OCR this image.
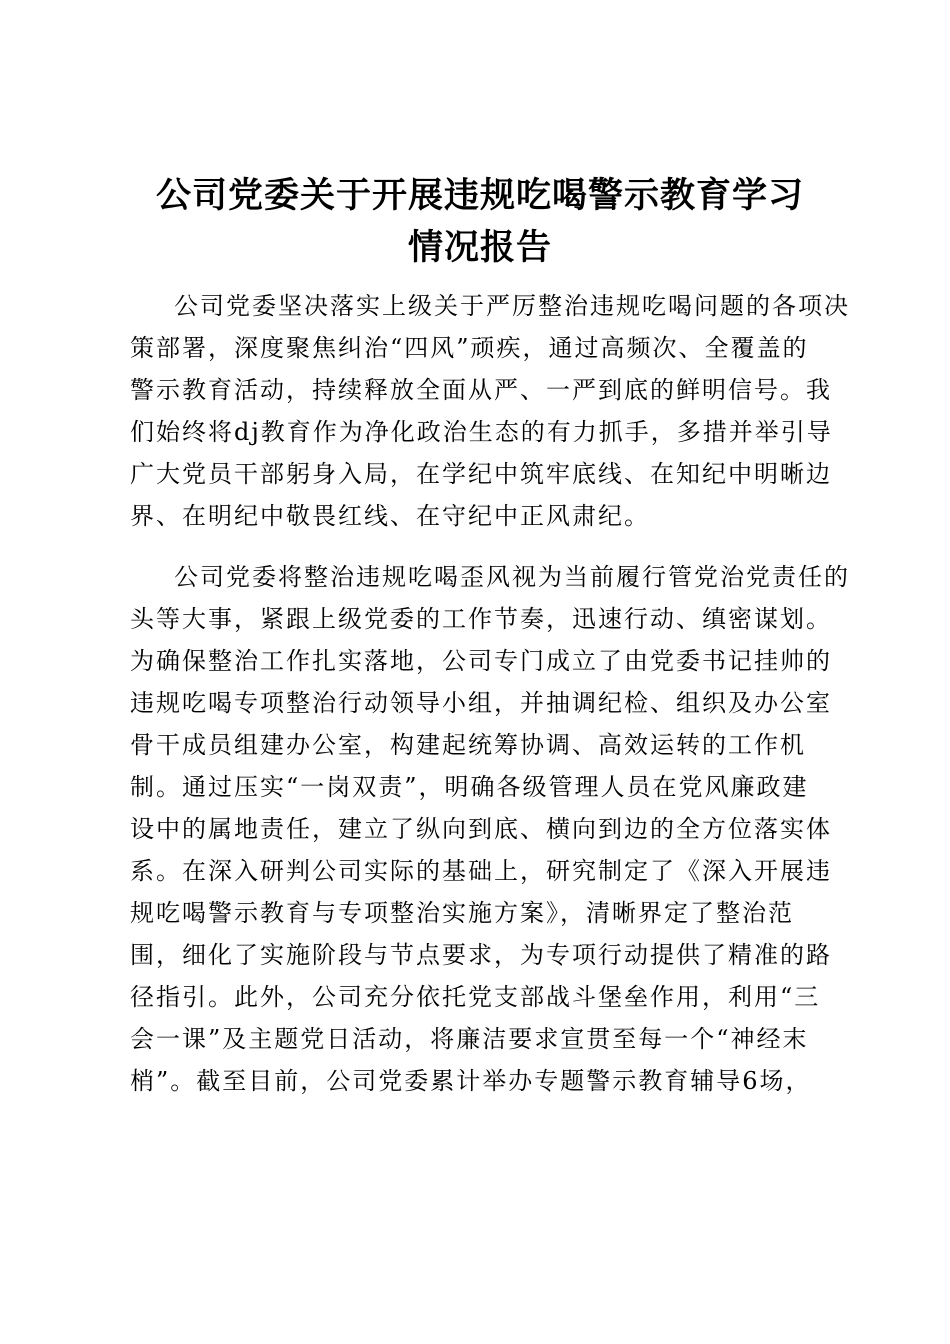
公司党委关于开展违规吃喝警示教育学习
情况报告
公司党委坚决落实上级关于严厉整治违规吃喝问题的各项决
策部署，深度聚焦纠治“四风”顽疾，通过高频次、全覆盖的
警示教育活动，持续释放全面从严、一严到底的鲜明信号。我
们始终将dj教育作为净化政治生态的有力抓手，多措并举引导
广大党员干部躬身入局，在学纪中筑牢底线、在知纪中明晰边
界、在明纪中敬畏红线、在守纪中正风肃纪。
公司党委将整治违规吃喝歪风视为当前履行管党治党责任的
头等大事，紧跟上级党委的工作节奏，迅速行动、缜密谋划。
为确保整治工作扎实落地，公司专门成立了由党委书记挂帅的
违规吃喝专项整治行动领导小组，并抽调纪检、组织及办公室
骨干成员组建办公室，构建起统筹协调、高效运转的工作机
制。通过压实“一岗双责”，明确各级管理人员在党风廉政建
设中的属地责任，建立了纵向到底、横向到边的全方位落实体
系。在深入研判公司实际的基础上，研究制定了《深入开展违
规吃喝警示教育与专项整治实施方案》，清晰界定了整治范
围，细化了实施阶段与节点要求，为专项行动提供了精准的路
径指引。此外，公司充分依托党支部战斗堡垒作用，利用“三
会一课”及主题党日活动，将廉洁要求宣贯至每一个“神经末
梢”。截至目前，公司党委累计举办专题警示教育辅导6场，
